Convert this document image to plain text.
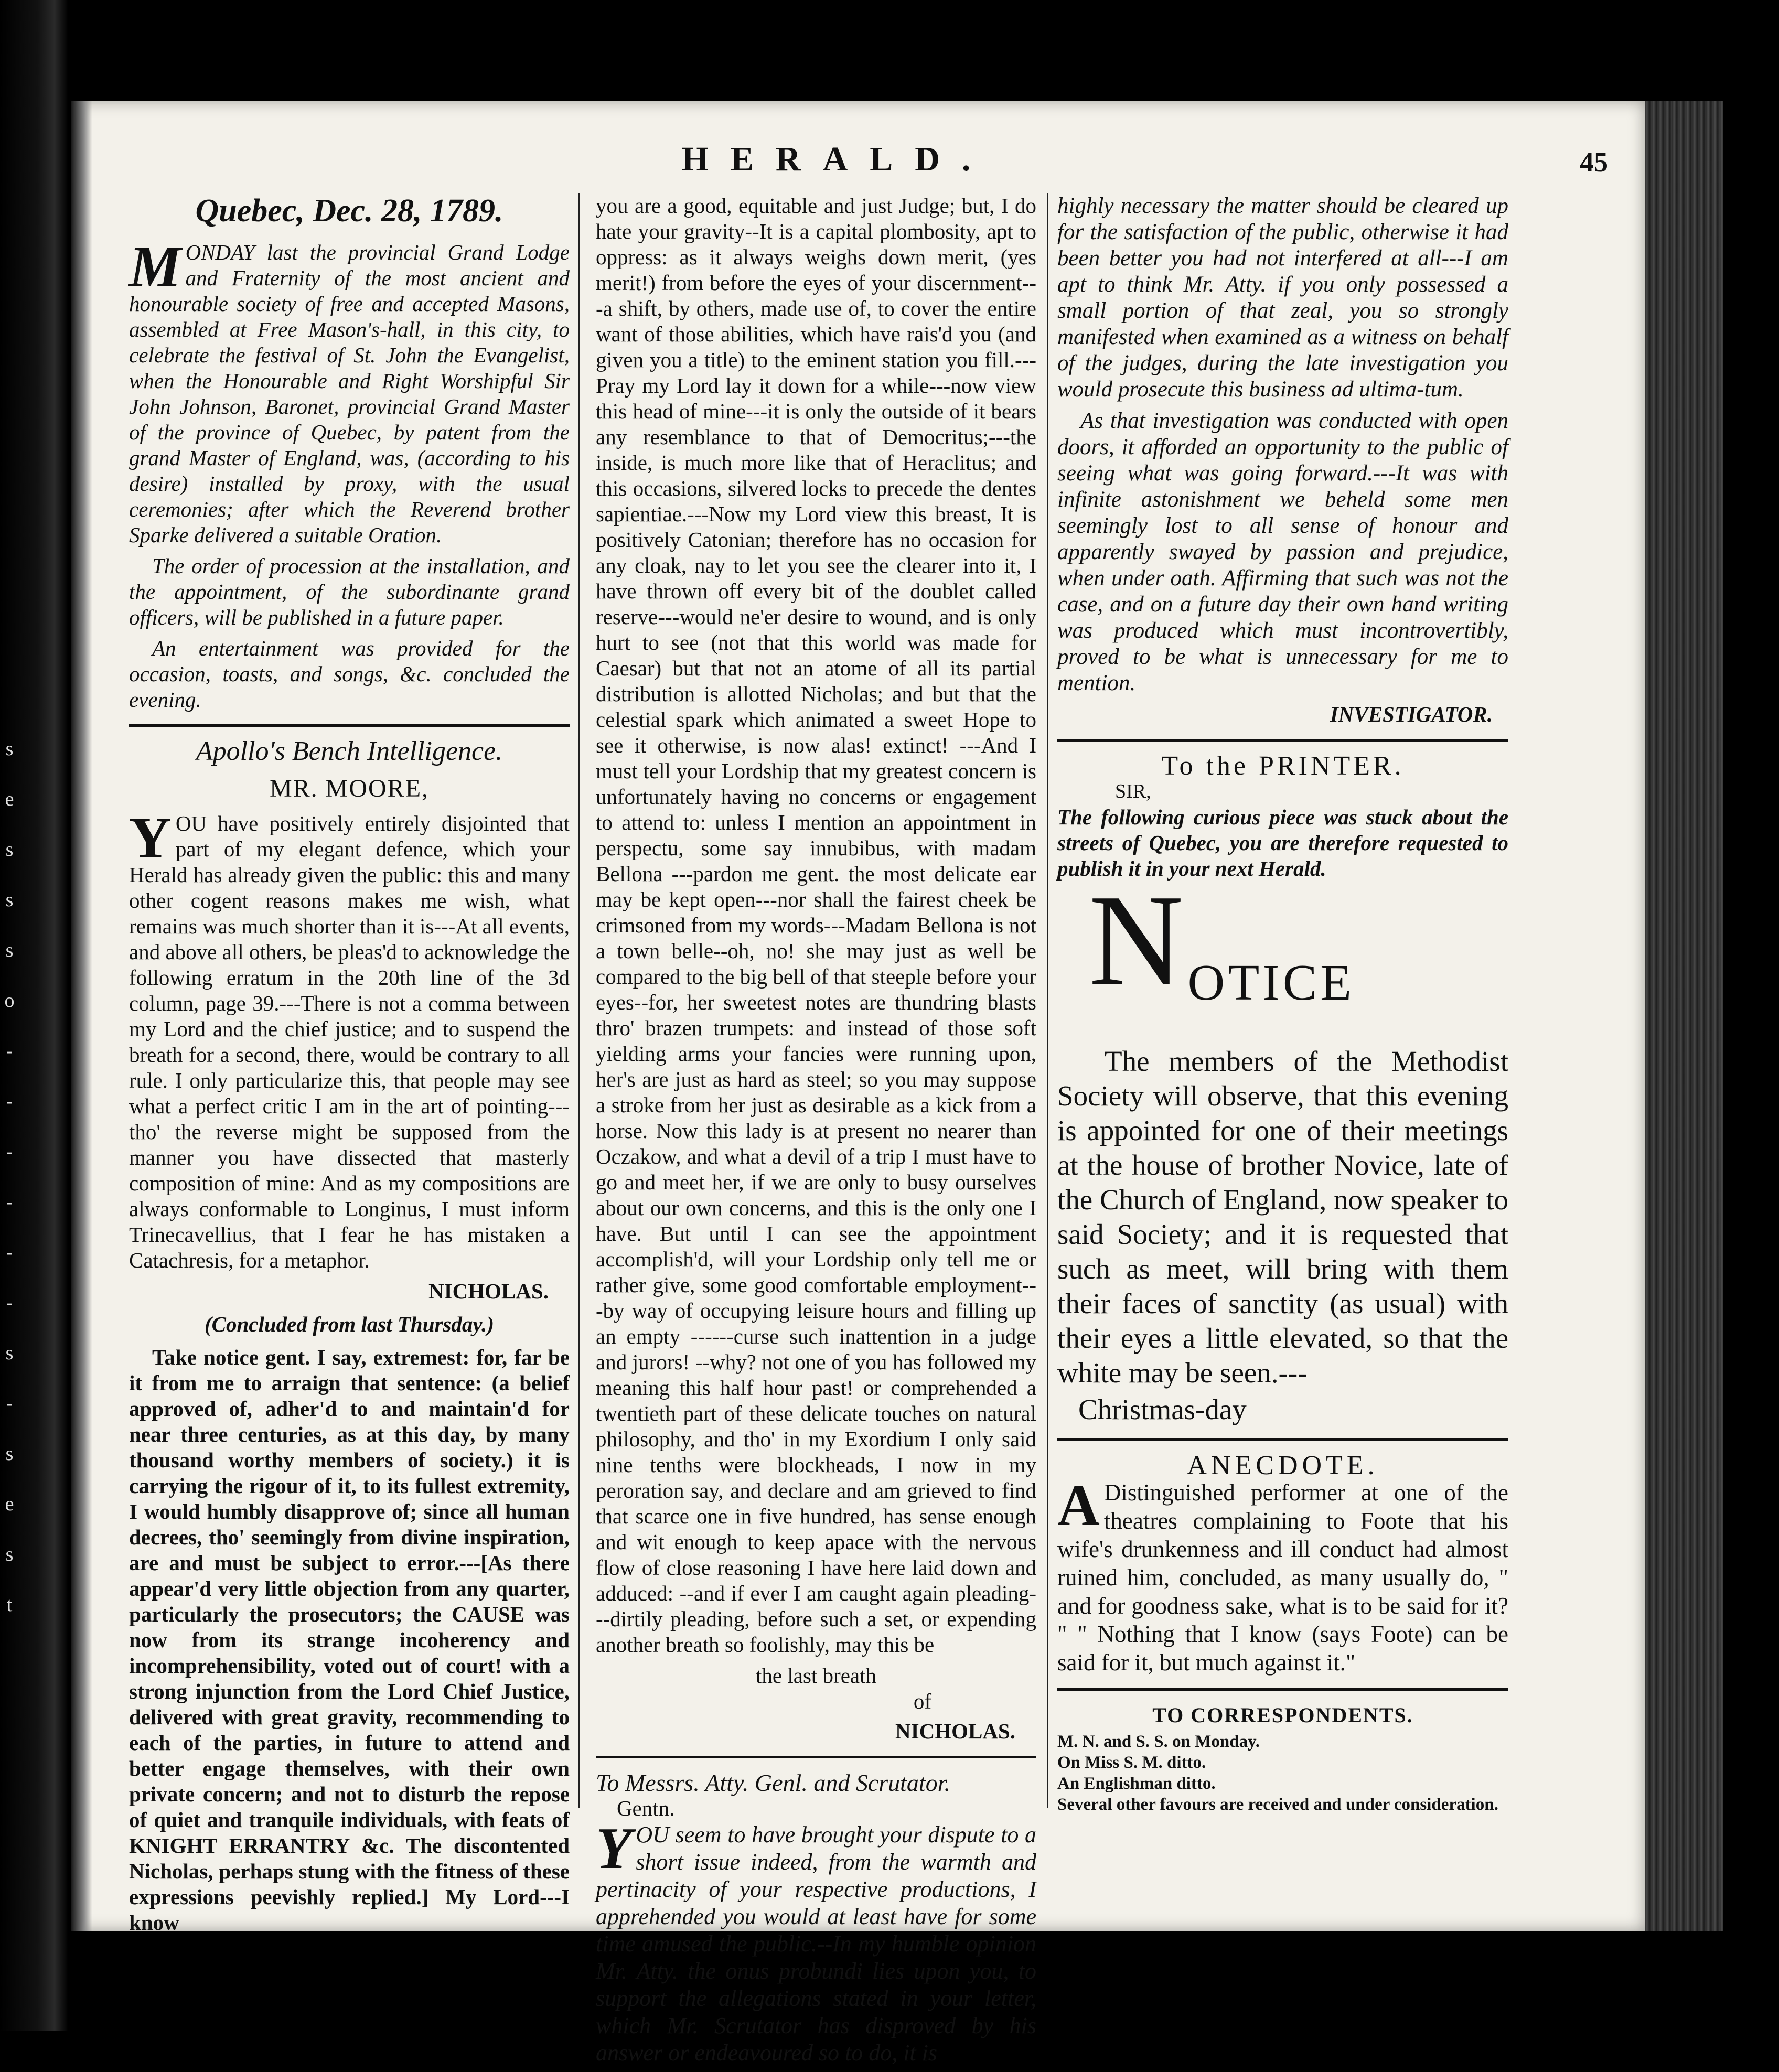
s
e
s
s
s
o
-
-
-
-
-
-
s
-
s
e
s
t
HERALD.	45
Quebec, Dec. 28, 1789.

MONDAY last the provincial Grand Lodge and Fraternity of the most ancient and honourable society of free and accepted Masons, assembled at Free Mason's-hall, in this city, to celebrate the festival of St. John the Evangelist, when the Honourable and Right Worshipful Sir John Johnson, Baronet, provincial Grand Master of the province of Quebec, by patent from the grand Master of England, was, (according to his desire) installed by proxy, with the usual ceremonies; after which the Reverend brother Sparke delivered a suitable Oration.

The order of procession at the installation, and the appointment, of the subordinante grand officers, will be published in a future paper.

An entertainment was provided for the occasion, toasts, and songs, &c. concluded the evening.

Apollo's Bench Intelligence.
MR. MOORE,

YOU have positively entirely disjointed that part of my elegant defence, which your Herald has already given the public: this and many other cogent reasons makes me wish, what remains was much shorter than it is---At all events, and above all others, be pleas'd to acknowledge the following erratum in the 20th line of the 3d column, page 39.---There is not a comma between my Lord and the chief justice; and to suspend the breath for a second, there, would be contrary to all rule. I only particularize this, that people may see what a perfect critic I am in the art of pointing---tho' the reverse might be supposed from the manner you have dissected that masterly composition of mine: And as my compositions are always conformable to Longinus, I must inform Trinecavellius, that I fear he has mistaken a Catachresis, for a metaphor.

NICHOLAS.
(Concluded from last Thursday.)

Take notice gent. I say, extremest: for, far be it from me to arraign that sentence: (a belief approved of, adher'd to and maintain'd for near three centuries, as at this day, by many thousand worthy members of society.) it is carrying the rigour of it, to its fullest extremity, I would humbly disapprove of; since all human decrees, tho' seemingly from divine inspiration, are and must be subject to error.---[As there appear'd very little objection from any quarter, particularly the prosecutors; the CAUSE was now from its strange incoherency and incomprehensibility, voted out of court! with a strong injunction from the Lord Chief Justice, delivered with great gravity, recommending to each of the parties, in future to attend and better engage themselves, with their own private concern; and not to disturb the repose of quiet and tranquile individuals, with feats of KNIGHT ERRANTRY &c. The discontented Nicholas, perhaps stung with the fitness of these expressions peevishly replied.] My Lord---I know

you are a good, equitable and just Judge; but, I do hate your gravity--It is a capital plombosity, apt to oppress: as it always weighs down merit, (yes merit!) from before the eyes of your discernment---a shift, by others, made use of, to cover the entire want of those abilities, which have rais'd you (and given you a title) to the eminent station you fill.---Pray my Lord lay it down for a while---now view this head of mine---it is only the outside of it bears any resemblance to that of Democritus;---the inside, is much more like that of Heraclitus; and this occasions, silvered locks to precede the dentes sapientiae.---Now my Lord view this breast, It is positively Catonian; therefore has no occasion for any cloak, nay to let you see the clearer into it, I have thrown off every bit of the doublet called reserve---would ne'er desire to wound, and is only hurt to see (not that this world was made for Caesar) but that not an atome of all its partial distribution is allotted Nicholas; and but that the celestial spark which animated a sweet Hope to see it otherwise, is now alas! extinct! ---And I must tell your Lordship that my greatest concern is unfortunately having no concerns or engagement to attend to: unless I mention an appointment in perspectu, some say innubibus, with madam Bellona ---pardon me gent. the most delicate ear may be kept open---nor shall the fairest cheek be crimsoned from my words---Madam Bellona is not a town belle--oh, no! she may just as well be compared to the big bell of that steeple before your eyes--for, her sweetest notes are thundring blasts thro' brazen trumpets: and instead of those soft yielding arms your fancies were running upon, her's are just as hard as steel; so you may suppose a stroke from her just as desirable as a kick from a horse. Now this lady is at present no nearer than Oczakow, and what a devil of a trip I must have to go and meet her, if we are only to busy ourselves about our own concerns, and this is the only one I have. But until I can see the appointment accomplish'd, will your Lordship only tell me or rather give, some good comfortable employment---by way of occupying leisure hours and filling up an empty ------curse such inattention in a judge and jurors! --why? not one of you has followed my meaning this half hour past! or comprehended a twentieth part of these delicate touches on natural philosophy, and tho' in my Exordium I only said nine tenths were blockheads, I now in my peroration say, and declare and am grieved to find that scarce one in five hundred, has sense enough and wit enough to keep apace with the nervous flow of close reasoning I have here laid down and adduced: --and if ever I am caught again pleading---dirtily pleading, before such a set, or expending another breath so foolishly, may this be

the last breath
of
NICHOLAS.
To Messrs. Atty. Genl. and Scrutator.
Gentn.

YOU seem to have brought your dispute to a short issue indeed, from the warmth and pertinacity of your respective productions, I apprehended you would at least have for some time amused the public.--In my humble opinion Mr. Atty. the onus probundi lies upon you, to support the allegations stated in your letter, which Mr. Scrutator has disproved by his answer or endeavoured so to do, it is

highly necessary the matter should be cleared up for the satisfaction of the public, otherwise it had been better you had not interfered at all---I am apt to think Mr. Atty. if you only possessed a small portion of that zeal, you so strongly manifested when examined as a witness on behalf of the judges, during the late investigation you would prosecute this business ad ultima-tum.

As that investigation was conducted with open doors, it afforded an opportunity to the public of seeing what was going forward.---It was with infinite astonishment we beheld some men seemingly lost to all sense of honour and apparently swayed by passion and prejudice, when under oath. Affirming that such was not the case, and on a future day their own hand writing was produced which must incontrovertibly, proved to be what is unnecessary for me to mention.

INVESTIGATOR.
To the PRINTER.
SIR,

The following curious piece was stuck about the streets of Quebec, you are therefore requested to publish it in your next Herald.

N OTICE

The members of the Methodist Society will observe, that this evening is appointed for one of their meetings at the house of brother Novice, late of the Church of England, now speaker to said Society; and it is requested that such as meet, will bring with them their faces of sanctity (as usual) with their eyes a little elevated, so that the white may be seen.---

Christmas-day
ANECDOTE.

A Distinguished performer at one of the theatres complaining to Foote that his wife's drunkenness and ill conduct had almost ruined him, concluded, as many usually do, " and for goodness sake, what is to be said for it? " " Nothing that I know (says Foote) can be said for it, but much against it."

TO CORRESPONDENTS.

M. N. and S. S. on Monday.

On Miss S. M. ditto.

An Englishman ditto.

Several other favours are received and under consideration.
